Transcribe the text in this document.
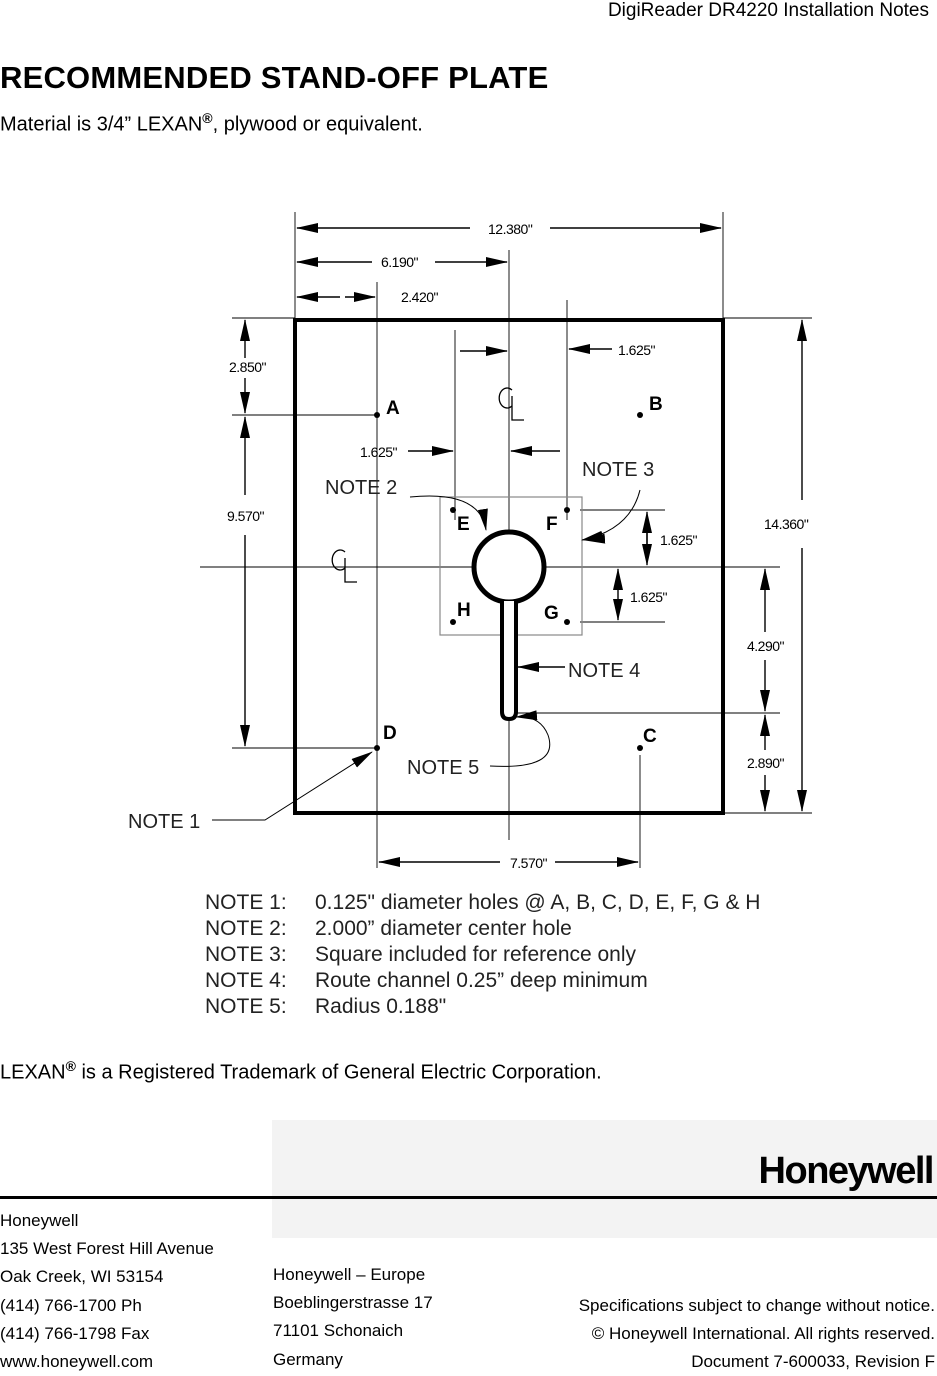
DigiReader DR4220 Installation Notes
RECOMMENDED STAND-OFF PLATE
Material is 3/4” LEXAN®, plywood or equivalent.
12.380"
6.190"
2.420"
1.625"
2.850"
1.625"
9.570"	14.360"
1.625"
1.625"
4.290"
2.890"
7.570"
A	B
C
D
E	F
G
H
NOTE 1
NOTE 2
NOTE 3
NOTE 4
NOTE 5
NOTE 1:	0.125" diameter holes @ A, B, C, D, E, F, G & H
NOTE 2:	2.000” diameter center hole
NOTE 3:	Square included for reference only
NOTE 4:	Route channel 0.25” deep minimum
NOTE 5:	Radius 0.188"
LEXAN® is a Registered Trademark of General Electric Corporation.
Honeywell
Honeywell
135 West Forest Hill Avenue
Oak Creek, WI 53154
(414) 766-1700 Ph
(414) 766-1798 Fax
www.honeywell.com
Honeywell – Europe
Boeblingerstrasse 17
71101 Schonaich
Germany
Specifications subject to change without notice.
© Honeywell International. All rights reserved.
Document 7-600033, Revision F
